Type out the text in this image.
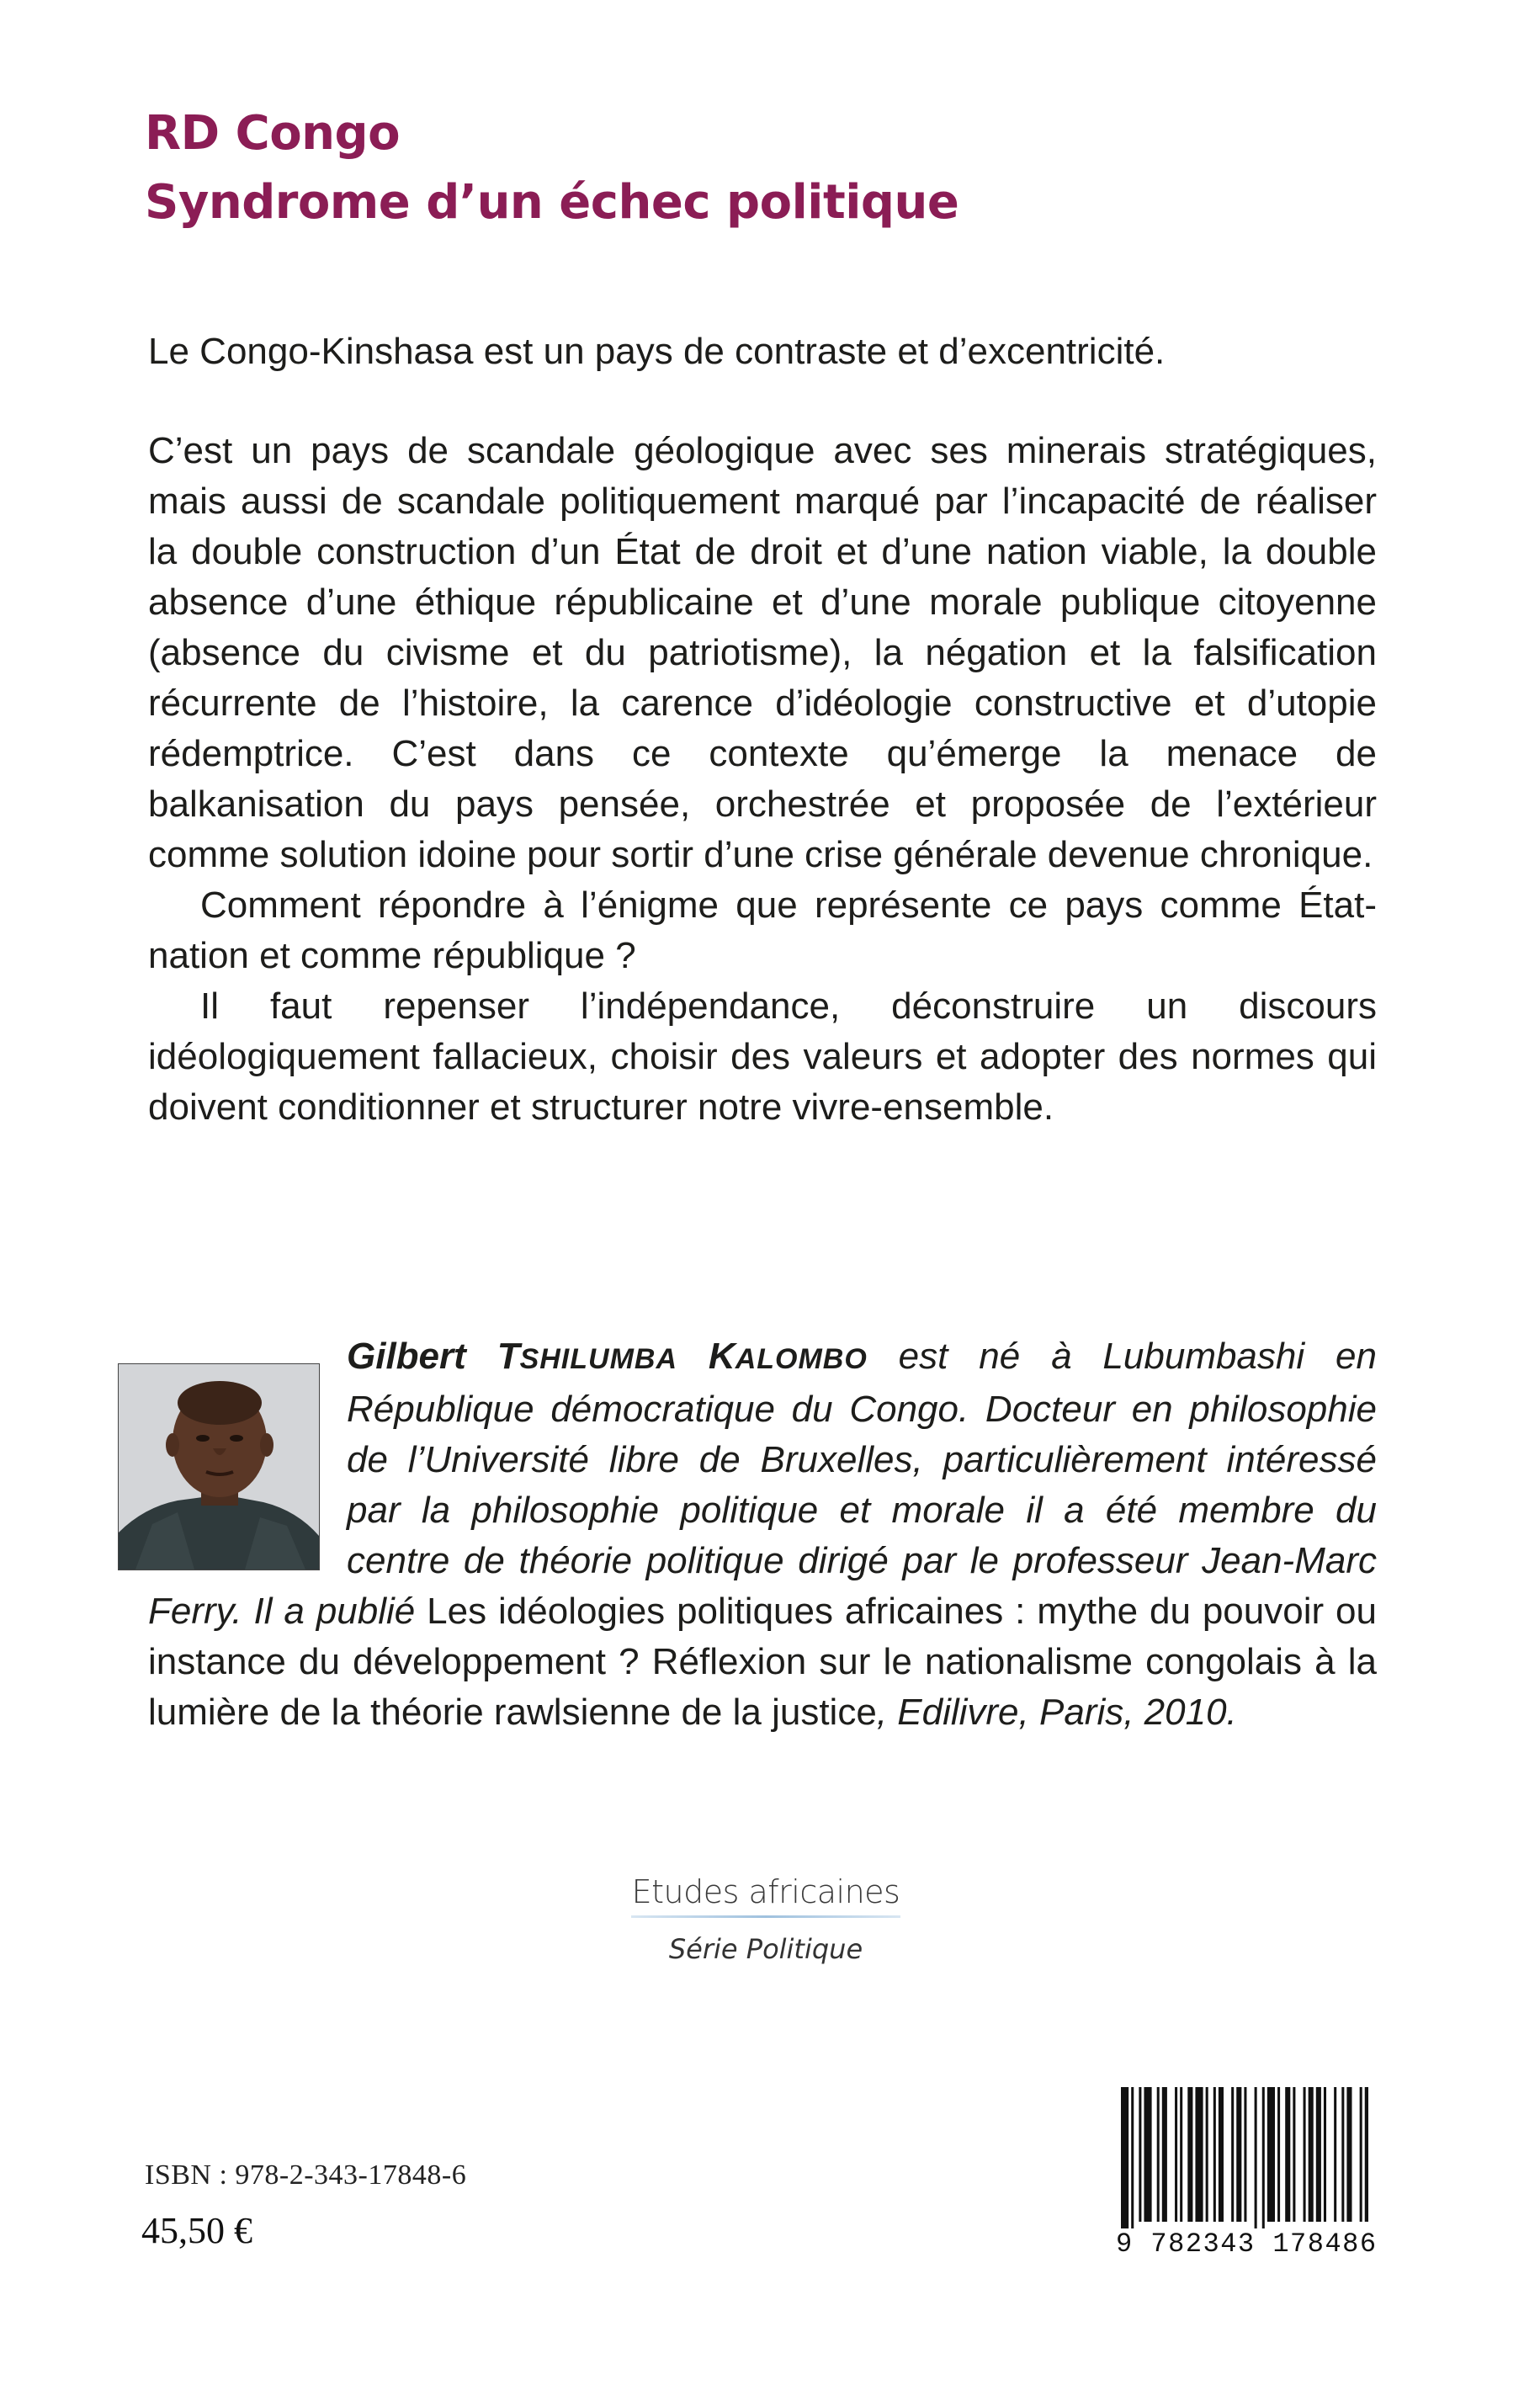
RD Congo
Syndrome d’un échec politique
Le Congo-Kinshasa est un pays de contraste et d’excentricité.

C’est un pays de scandale géologique avec ses minerais stratégiques, mais aussi de scandale politiquement marqué par l’incapacité de réaliser la double construction d’un État de droit et d’une nation viable, la double absence d’une éthique républicaine et d’une morale publique citoyenne (absence du civisme et du patriotisme), la négation et la falsification récurrente de l’histoire, la carence d’idéologie constructive et d’utopie rédemptrice. C’est dans ce contexte qu’émerge la menace de balkanisation du pays pensée, orchestrée et proposée de l’extérieur comme solution idoine pour sortir d’une crise générale devenue chronique.

Comment répondre à l’énigme que représente ce pays comme État-nation et comme république ?

Il faut repenser l’indépendance, déconstruire un discours idéologiquement fallacieux, choisir des valeurs et adopter des normes qui doivent conditionner et structurer notre vivre-ensemble.

Gilbert TSHILUMBA KALOMBO est né à Lubumbashi en République démocratique du Congo. Docteur en philosophie de l’Université libre de Bruxelles, particulièrement intéressé par la philosophie politique et morale il a été membre du centre de théorie politique dirigé par le professeur Jean-Marc Ferry. Il a publié Les idéologies politiques africaines : mythe du pouvoir ou instance du développement ? Réflexion sur le nationalisme congolais à la lumière de la théorie rawlsienne de la justice, Edilivre, Paris, 2010.
Etudes africaines
Série Politique
ISBN : 978-2-343-17848-6
45,50 €	9 782343 178486
